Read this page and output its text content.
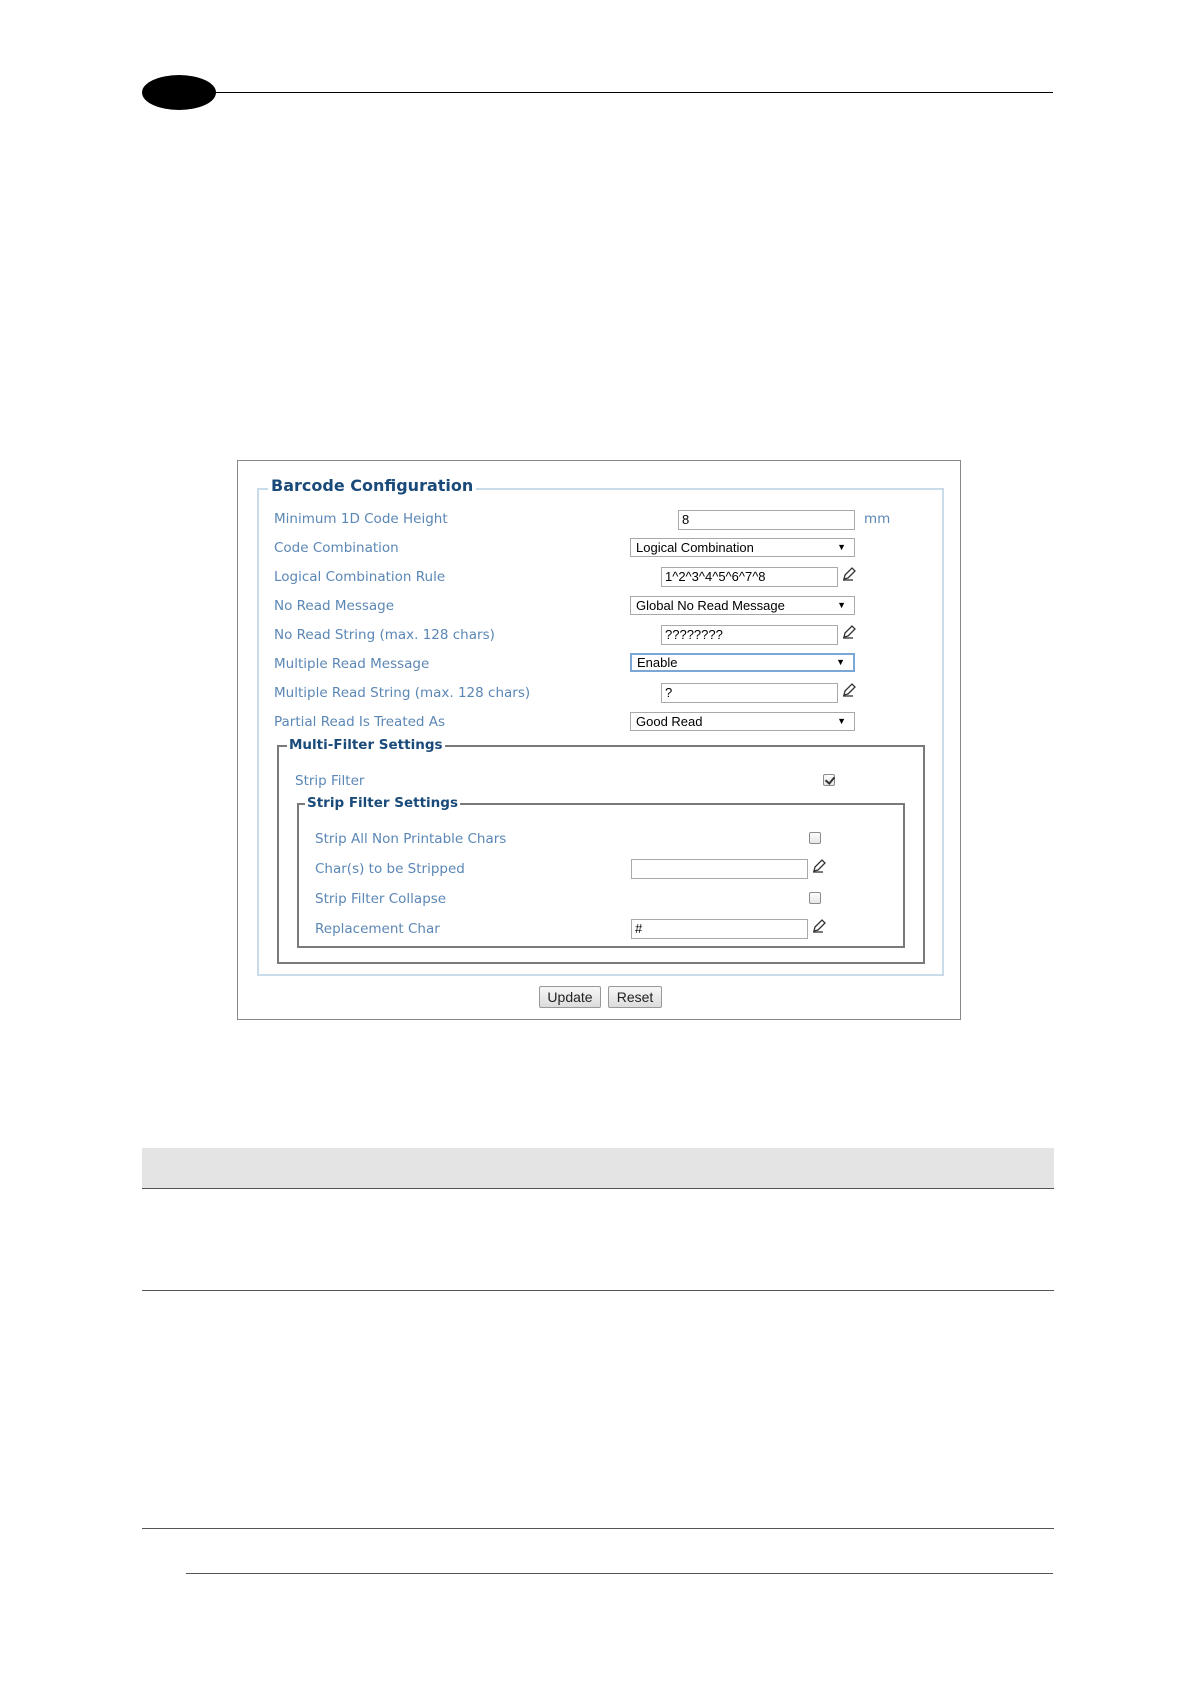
Barcode Configuration
Minimum 1D Code Height	8	mm
Code Combination	Logical Combination	▼
Logical Combination Rule	1^2^3^4^5^6^7^8
No Read Message	Global No Read Message	▼
No Read String (max. 128 chars)	????????
Multiple Read Message	Enable	▼
Multiple Read String (max. 128 chars)	?
Partial Read Is Treated As	Good Read	▼
Multi-Filter Settings
Strip Filter
Strip Filter Settings
Strip All Non Printable Chars
Char(s) to be Stripped
Strip Filter Collapse
Replacement Char	#
Update	Reset
